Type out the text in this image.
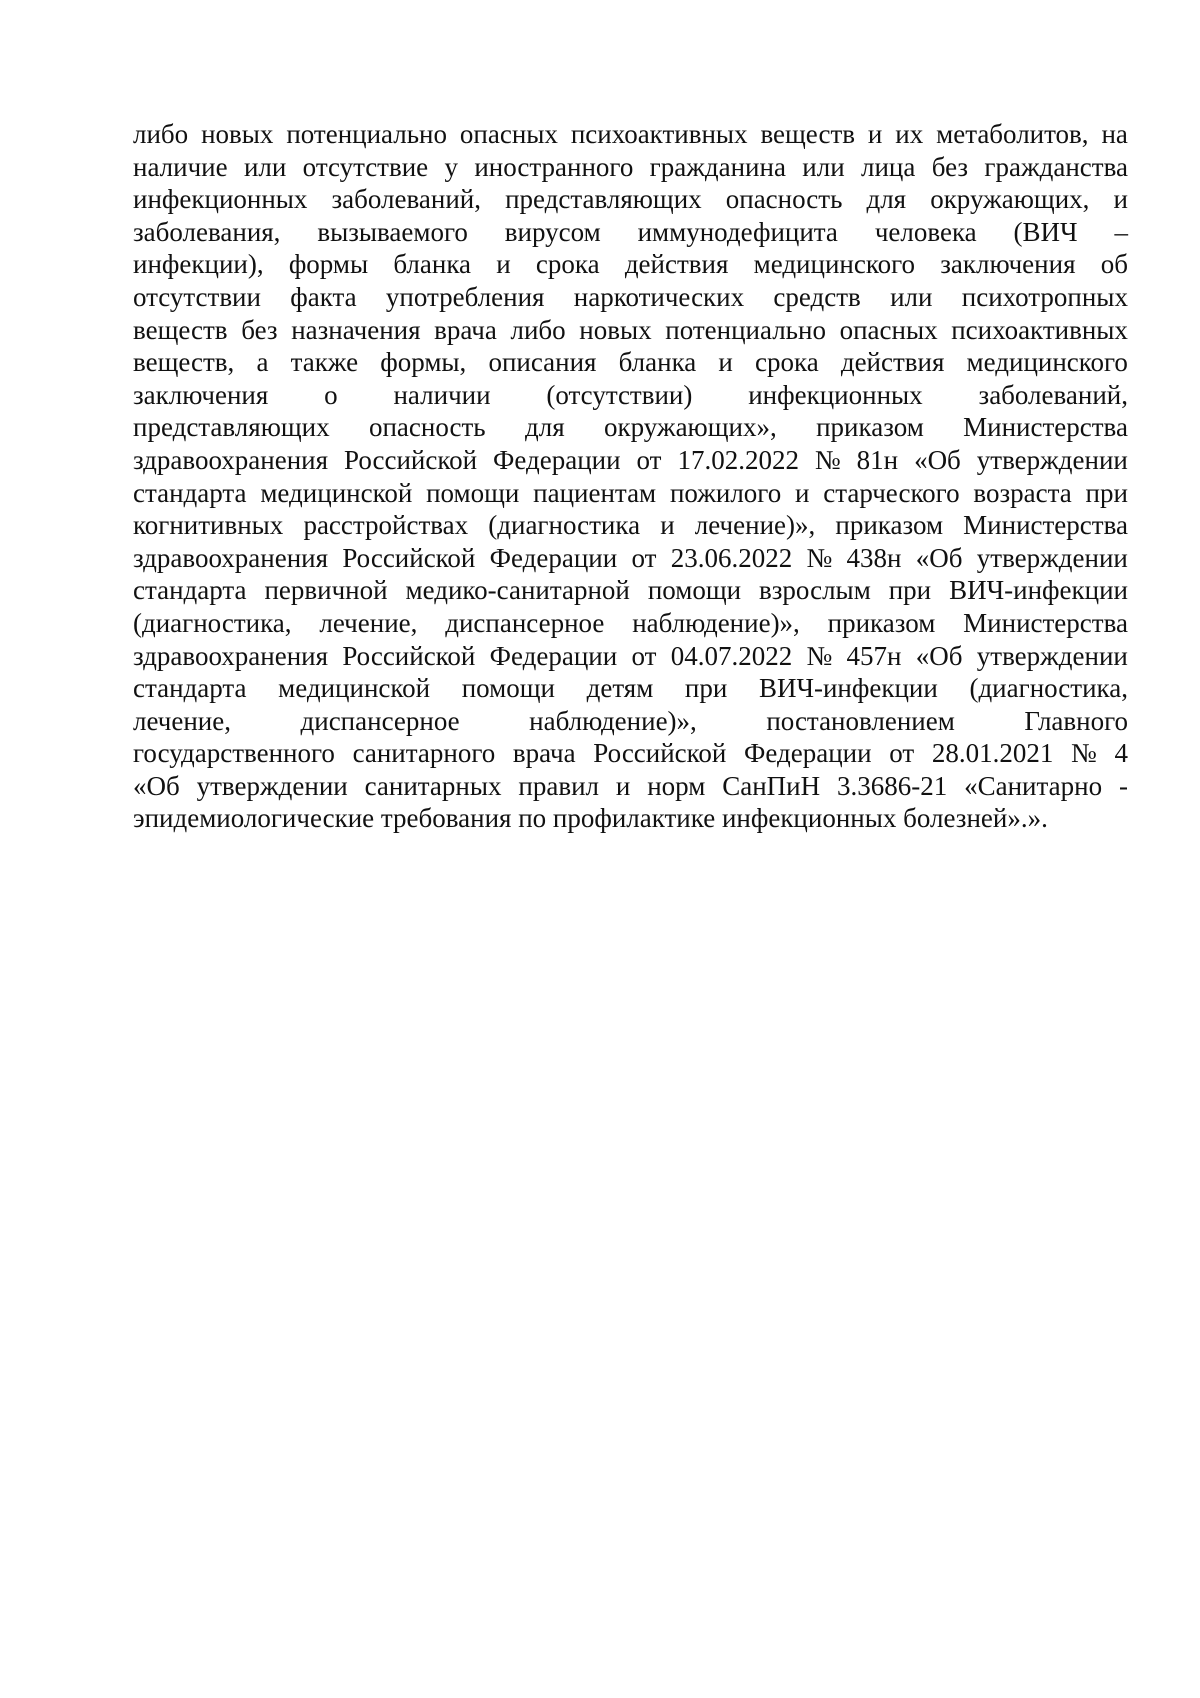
либо новых потенциально опасных психоактивных веществ и их метаболитов, на
наличие или отсутствие у иностранного гражданина или лица без гражданства
инфекционных заболеваний, представляющих опасность для окружающих, и
заболевания, вызываемого вирусом иммунодефицита человека (ВИЧ –
инфекции), формы бланка и срока действия медицинского заключения об
отсутствии факта употребления наркотических средств или психотропных
веществ без назначения врача либо новых потенциально опасных психоактивных
веществ, а также формы, описания бланка и срока действия медицинского
заключения о наличии (отсутствии) инфекционных заболеваний,
представляющих опасность для окружающих», приказом Министерства
здравоохранения Российской Федерации от 17.02.2022 № 81н «Об утверждении
стандарта медицинской помощи пациентам пожилого и старческого возраста при
когнитивных расстройствах (диагностика и лечение)», приказом Министерства
здравоохранения Российской Федерации от 23.06.2022 № 438н «Об утверждении
стандарта первичной медико-санитарной помощи взрослым при ВИЧ-инфекции
(диагностика, лечение, диспансерное наблюдение)», приказом Министерства
здравоохранения Российской Федерации от 04.07.2022 № 457н «Об утверждении
стандарта медицинской помощи детям при ВИЧ-инфекции (диагностика,
лечение,	диспансерное	наблюдение)»,	постановлением	Главного
государственного санитарного врача Российской Федерации от 28.01.2021 № 4
«Об утверждении санитарных правил и норм СанПиН 3.3686-21 «Санитарно -
эпидемиологические требования по профилактике инфекционных болезней».».
